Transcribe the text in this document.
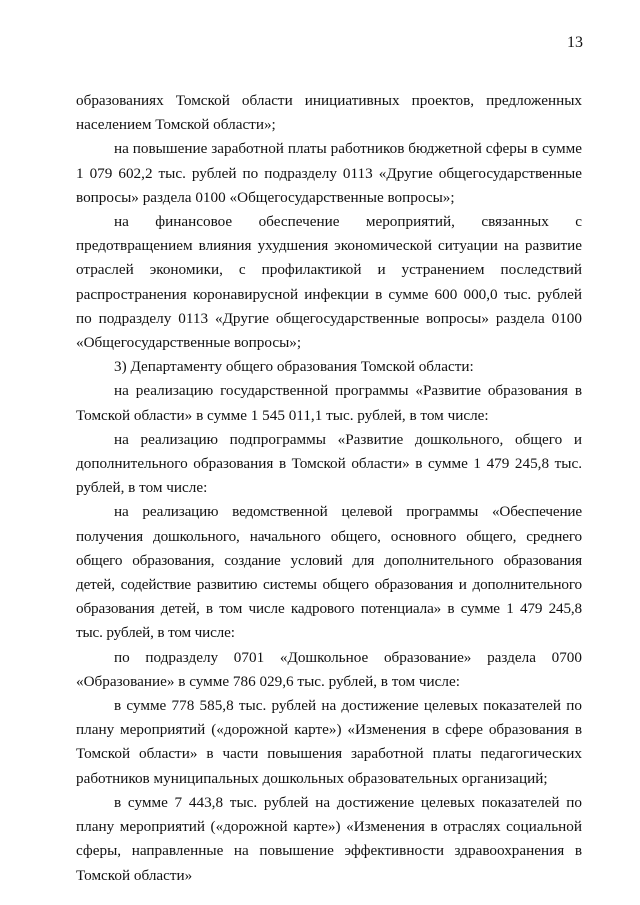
13

образованиях Томской области инициативных проектов, предложенных населением Томской области»;

на повышение заработной платы работников бюджетной сферы в сумме 1 079 602,2 тыс. рублей по подразделу 0113 «Другие общегосударственные вопросы» раздела 0100 «Общегосударственные вопросы»;

на финансовое обеспечение мероприятий, связанных с предотвращением влияния ухудшения экономической ситуации на развитие отраслей экономики, с профилактикой и устранением последствий распространения коронавирусной инфекции в сумме 600 000,0 тыс. рублей по подразделу 0113 «Другие общегосударственные вопросы» раздела 0100 «Общегосударственные вопросы»;

3) Департаменту общего образования Томской области:

на реализацию государственной программы «Развитие образования в Томской области» в сумме 1 545 011,1 тыс. рублей, в том числе:

на реализацию подпрограммы «Развитие дошкольного, общего и дополнительного образования в Томской области» в сумме 1 479 245,8 тыс. рублей, в том числе:

на реализацию ведомственной целевой программы «Обеспечение получения дошкольного, начального общего, основного общего, среднего общего образования, создание условий для дополнительного образования детей, содействие развитию системы общего образования и дополнительного образования детей, в том числе кадрового потенциала» в сумме 1 479 245,8 тыс. рублей, в том числе:

по подразделу 0701 «Дошкольное образование» раздела 0700 «Образование» в сумме 786 029,6 тыс. рублей, в том числе:

в сумме 778 585,8 тыс. рублей на достижение целевых показателей по плану мероприятий («дорожной карте») «Изменения в сфере образования в Томской области» в части повышения заработной платы педагогических работников муниципальных дошкольных образовательных организаций;

в сумме 7 443,8 тыс. рублей на достижение целевых показателей по плану мероприятий («дорожной карте») «Изменения в отраслях социальной сферы, направленные на повышение эффективности здравоохранения в Томской области»
